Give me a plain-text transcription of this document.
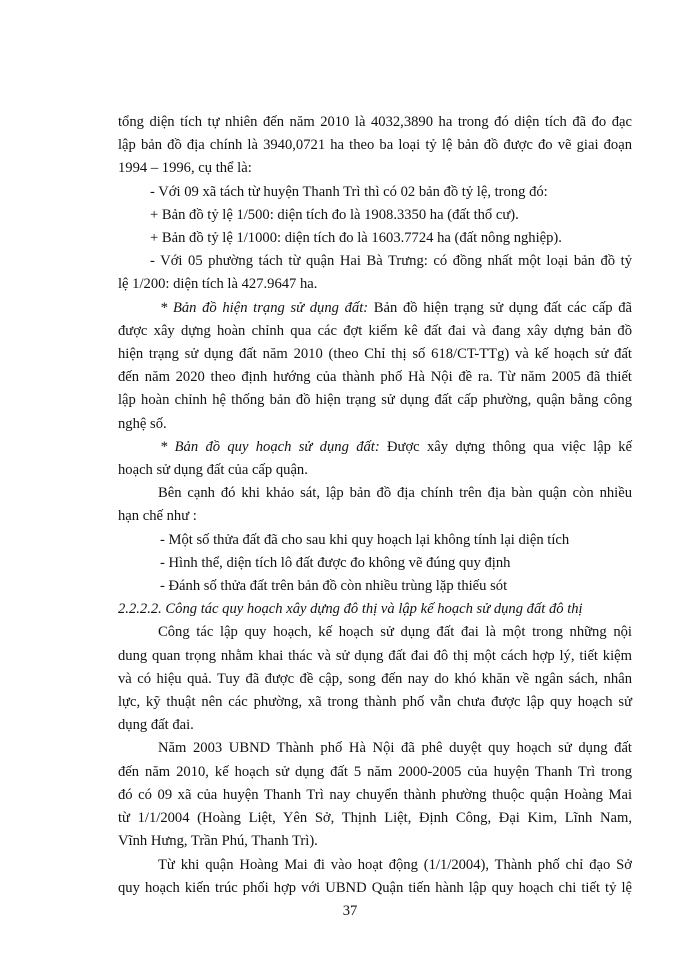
tổng diện tích tự nhiên đến năm 2010 là 4032,3890 ha trong đó diện tích đã đo đạc
lập bản đồ địa chính là 3940,0721 ha theo ba loại tỷ lệ bản đồ được đo vẽ giai đoạn
1994 – 1996, cụ thể là:
- Với 09 xã tách từ huyện Thanh Trì thì có 02 bản đồ tỷ lệ, trong đó:
+ Bản đồ tỷ lệ 1/500: diện tích đo là 1908.3350 ha (đất thổ cư).
+ Bản đồ tỷ lệ 1/1000: diện tích đo là 1603.7724 ha (đất nông nghiệp).
- Với 05 phường tách từ quận Hai Bà Trưng: có đồng nhất một loại bản đồ tỷ
lệ 1/200: diện tích là 427.9647 ha.
* Bản đồ hiện trạng sử dụng đất: Bản đồ hiện trạng sử dụng đất các cấp đã
được xây dựng hoàn chỉnh qua các đợt kiểm kê đất đai và đang xây dựng bản đồ
hiện trạng sử dụng đất năm 2010 (theo Chỉ thị số 618/CT-TTg) và kế hoạch sử đất
đến năm 2020 theo định hướng của thành phố Hà Nội đề ra. Từ năm 2005 đã thiết
lập hoàn chỉnh hệ thống bản đồ hiện trạng sử dụng đất cấp phường, quận bằng công
nghệ số.
* Bản đồ quy hoạch sử dụng đất: Được xây dựng thông qua việc lập kế
hoạch sử dụng đất của cấp quận.
Bên cạnh đó khi khảo sát, lập bản đồ địa chính trên địa bàn quận còn nhiều
hạn chế như :
- Một số thửa đất đã cho sau khi quy hoạch lại không tính lại diện tích
- Hình thể, diện tích lô đất được đo không vẽ đúng quy định
- Đánh số thửa đất trên bản đồ còn nhiều trùng lặp thiếu sót
2.2.2.2. Công tác quy hoạch xây dựng đô thị và lập kế hoạch sử dụng đất đô thị
Công tác lập quy hoạch, kế hoạch sử dụng đất đai là một trong những nội
dung quan trọng nhằm khai thác và sử dụng đất đai đô thị một cách hợp lý, tiết kiệm
và có hiệu quả. Tuy đã được đề cập, song đến nay do khó khăn về ngân sách, nhân
lực, kỹ thuật nên các phường, xã trong thành phố vẫn chưa được lập quy hoạch sử
dụng đất đai.
Năm 2003 UBND Thành phố Hà Nội đã phê duyệt quy hoạch sử dụng đất
đến năm 2010, kế hoạch sử dụng đất 5 năm 2000-2005 của huyện Thanh Trì trong
đó có 09 xã của huyện Thanh Trì nay chuyển thành phường thuộc quận Hoàng Mai
từ 1/1/2004 (Hoàng Liệt, Yên Sở, Thịnh Liệt, Định Công, Đại Kim, Lĩnh Nam,
Vĩnh Hưng, Trần Phú, Thanh Trì).
Từ khi quận Hoàng Mai đi vào hoạt động (1/1/2004), Thành phố chỉ đạo Sở
quy hoạch kiến trúc phối hợp với UBND Quận tiến hành lập quy hoạch chi tiết tỷ lệ
37
